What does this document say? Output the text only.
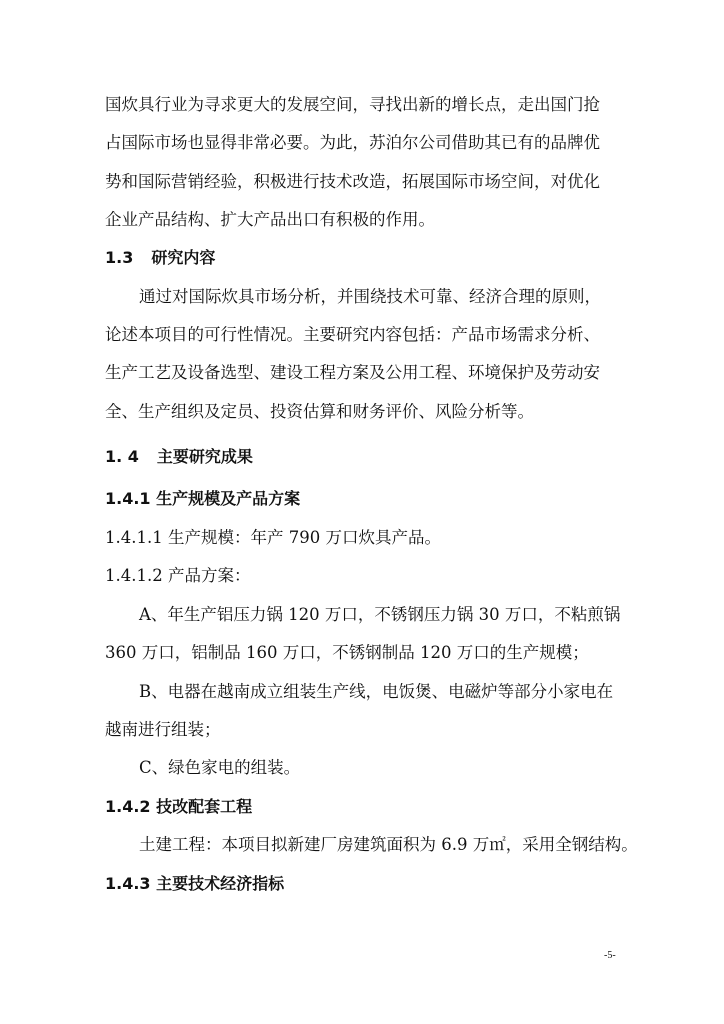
国炊具行业为寻求更大的发展空间，寻找出新的增长点，走出国门抢
占国际市场也显得非常必要。为此，苏泊尔公司借助其已有的品牌优
势和国际营销经验，积极进行技术改造，拓展国际市场空间，对优化
企业产品结构、扩大产品出口有积极的作用。
1.3 研究内容
通过对国际炊具市场分析，并围绕技术可靠、经济合理的原则，
论述本项目的可行性情况。主要研究内容包括：产品市场需求分析、
生产工艺及设备选型、建设工程方案及公用工程、环境保护及劳动安
全、生产组织及定员、投资估算和财务评价、风险分析等。
1. 4 主要研究成果
1.4.1 生产规模及产品方案
1.4.1.1 生产规模：年产 790 万口炊具产品。
1.4.1.2 产品方案：
A、年生产铝压力锅 120 万口，不锈钢压力锅 30 万口，不粘煎锅
360 万口，铝制品 160 万口，不锈钢制品 120 万口的生产规模；
B、电器在越南成立组装生产线，电饭煲、电磁炉等部分小家电在
越南进行组装；
C、绿色家电的组装。
1.4.2 技改配套工程
土建工程：本项目拟新建厂房建筑面积为 6.9 万㎡，采用全钢结构。
1.4.3 主要技术经济指标
-5-
